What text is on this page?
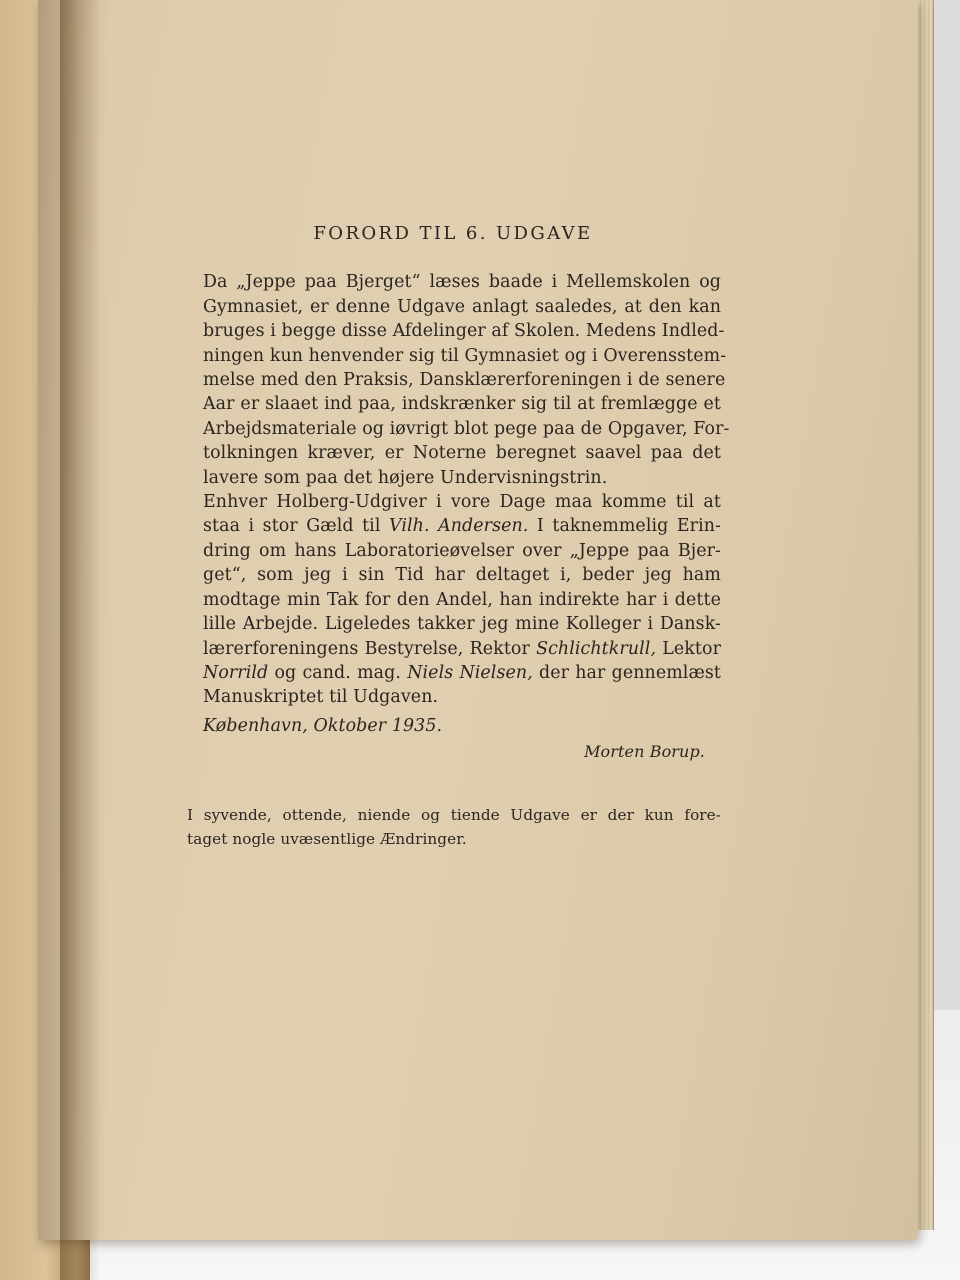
FORORD TIL 6. UDGAVE
Da „Jeppe paa Bjerget“ læses baade i Mellemskolen og
Gymnasiet, er denne Udgave anlagt saaledes, at den kan
bruges i begge disse Afdelinger af Skolen. Medens Indled-
ningen kun henvender sig til Gymnasiet og i Overensstem-
melse med den Praksis, Dansklærerforeningen i de senere
Aar er slaaet ind paa, indskrænker sig til at fremlægge et
Arbejdsmateriale og iøvrigt blot pege paa de Opgaver, For-
tolkningen kræver, er Noterne beregnet saavel paa det
lavere som paa det højere Undervisningstrin.
Enhver Holberg-Udgiver i vore Dage maa komme til at
staa i stor Gæld til Vilh. Andersen. I taknemmelig Erin-
dring om hans Laboratorieøvelser over „Jeppe paa Bjer-
get“, som jeg i sin Tid har deltaget i, beder jeg ham
modtage min Tak for den Andel, han indirekte har i dette
lille Arbejde. Ligeledes takker jeg mine Kolleger i Dansk-
lærerforeningens Bestyrelse, Rektor Schlichtkrull, Lektor
Norrild og cand. mag. Niels Nielsen, der har gennemlæst
Manuskriptet til Udgaven.
København, Oktober 1935.
Morten Borup.
I syvende, ottende, niende og tiende Udgave er der kun fore-
taget nogle uvæsentlige Ændringer.
